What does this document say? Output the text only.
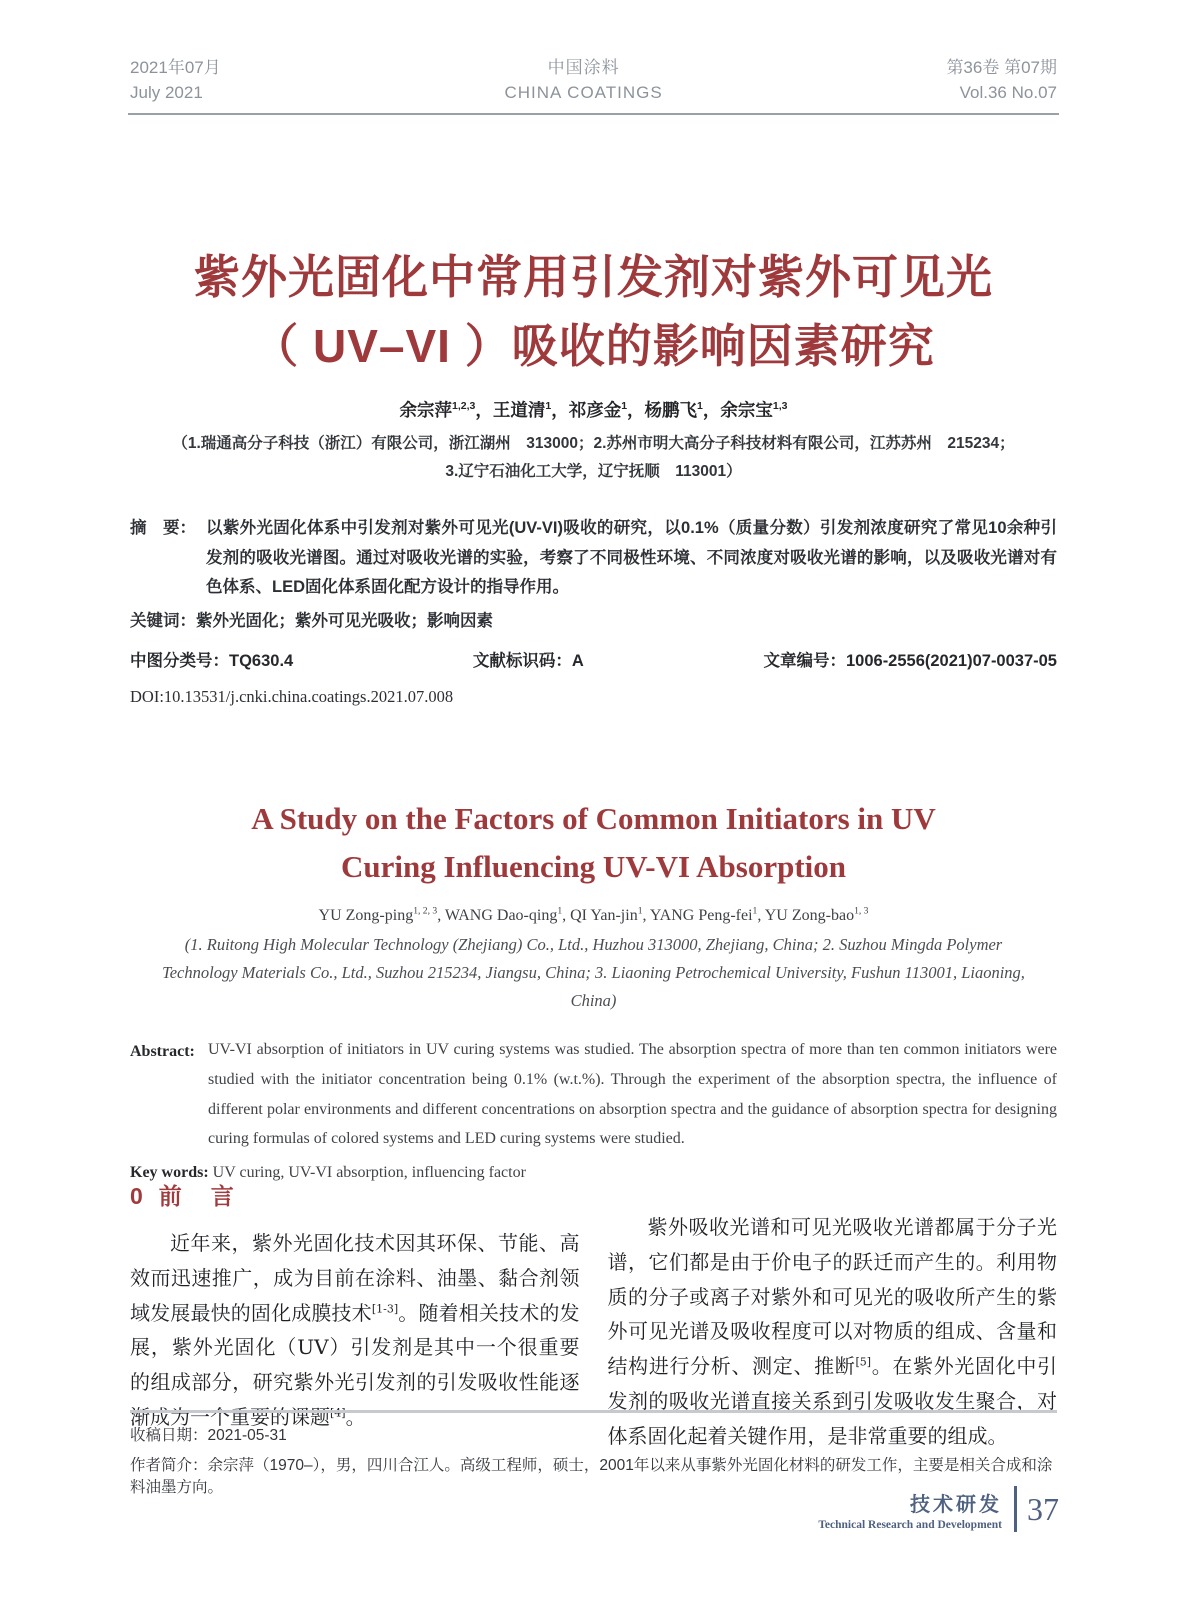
2021年07月
July 2021
中国涂料
CHINA COATINGS
第36卷 第07期
Vol.36 No.07
紫外光固化中常用引发剂对紫外可见光
（ UV–VI ）吸收的影响因素研究
余宗萍$^{1,2,3}$，王道清$^1$，祁彦金$^1$，杨鹏飞$^1$，余宗宝$^{1,3}$
（1.瑞通高分子科技（浙江）有限公司，浙江湖州　313000；2.苏州市明大高分子科技材料有限公司，江苏苏州　215234；
3.辽宁石油化工大学，辽宁抚顺　113001）
摘　要： 以紫外光固化体系中引发剂对紫外可见光(UV-VI)吸收的研究，以0.1%（质量分数）引发剂浓度研究了常见10余种引发剂的吸收光谱图。通过对吸收光谱的实验，考察了不同极性环境、不同浓度对吸收光谱的影响，以及吸收光谱对有色体系、LED固化体系固化配方设计的指导作用。
关键词：紫外光固化；紫外可见光吸收；影响因素
中图分类号：TQ630.4	文献标识码：A	文章编号：1006-2556(2021)07-0037-05
DOI:10.13531/j.cnki.china.coatings.2021.07.008
A Study on the Factors of Common Initiators in UV
Curing Influencing UV-VI Absorption
YU Zong-ping$^{1, 2, 3}$, WANG Dao-qing$^1$, QI Yan-jin$^1$, YANG Peng-fei$^1$, YU Zong-bao$^{1, 3}$
(1. Ruitong High Molecular Technology (Zhejiang) Co., Ltd., Huzhou 313000, Zhejiang, China; 2. Suzhou Mingda Polymer
Technology Materials Co., Ltd., Suzhou 215234, Jiangsu, China; 3. Liaoning Petrochemical University, Fushun 113001, Liaoning,
China)
Abstract: UV-VI absorption of initiators in UV curing systems was studied. The absorption spectra of more than ten common initiators were studied with the initiator concentration being 0.1% (w.t.%). Through the experiment of the absorption spectra, the influence of different polar environments and different concentrations on absorption spectra and the guidance of absorption spectra for designing curing formulas of colored systems and LED curing systems were studied.
Key words: UV curing, UV-VI absorption, influencing factor
0 前　言

近年来，紫外光固化技术因其环保、节能、高效而迅速推广，成为目前在涂料、油墨、黏合剂领域发展最快的固化成膜技术[1-3]。随着相关技术的发展，紫外光固化（UV）引发剂是其中一个很重要的组成部分，研究紫外光引发剂的引发吸收性能逐渐成为一个重要的课题[4]。

紫外吸收光谱和可见光吸收光谱都属于分子光谱，它们都是由于价电子的跃迁而产生的。利用物质的分子或离子对紫外和可见光的吸收所产生的紫外可见光谱及吸收程度可以对物质的组成、含量和结构进行分析、测定、推断[5]。在紫外光固化中引发剂的吸收光谱直接关系到引发吸收发生聚合，对体系固化起着关键作用，是非常重要的组成。

收稿日期：2021-05-31
作者简介：余宗萍（1970–），男，四川合江人。高级工程师，硕士，2001年以来从事紫外光固化材料的研发工作，主要是相关合成和涂料油墨方向。
技术研发
Technical Research and Development 37
